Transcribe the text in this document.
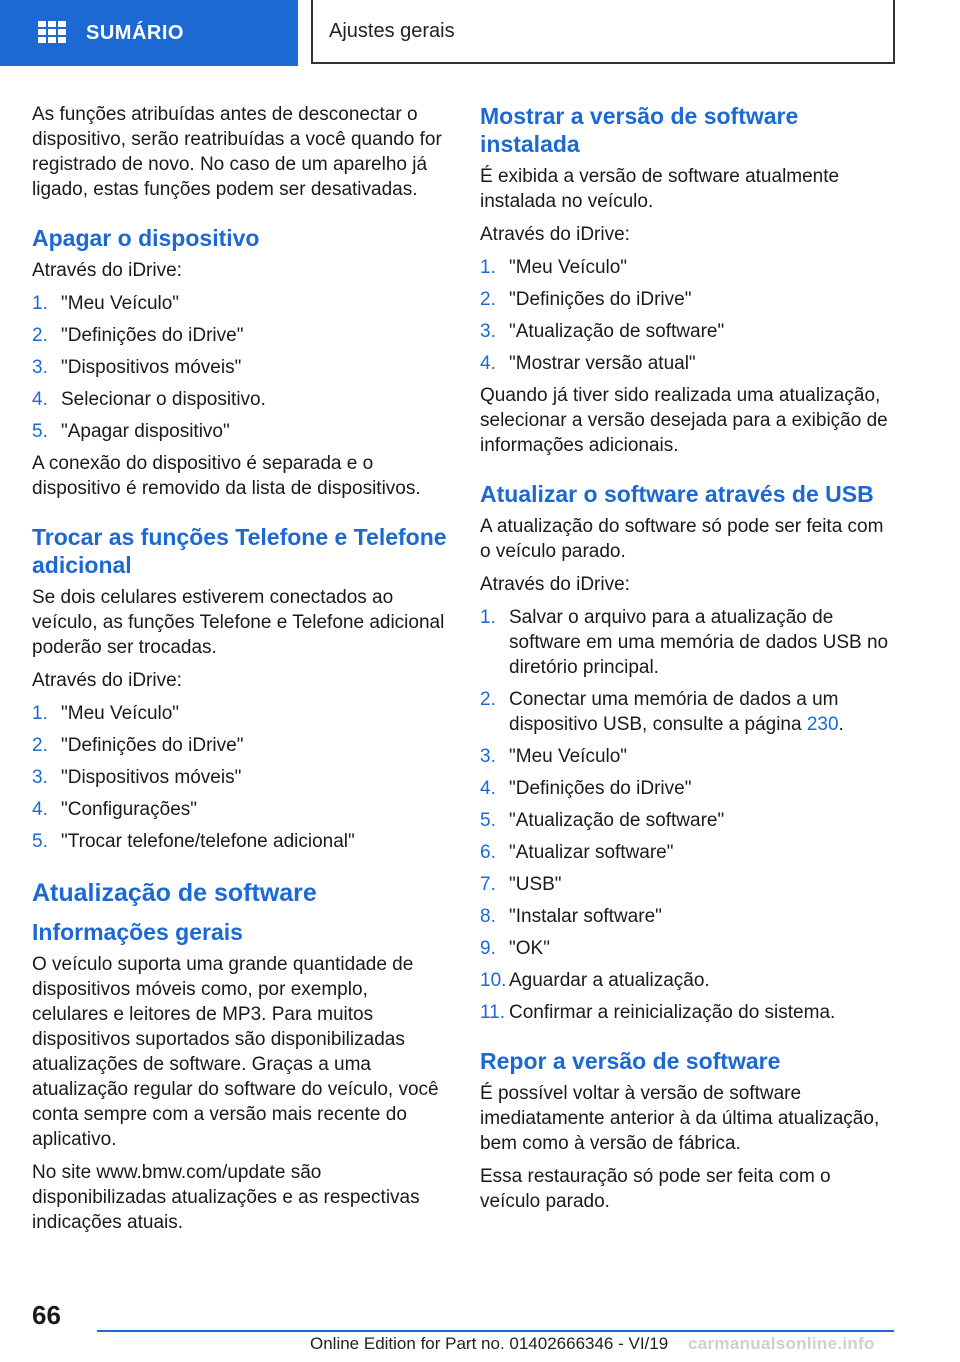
SUMÁRIO	Ajustes gerais

As funções atribuídas antes de desconectar o dispositivo, serão reatribuídas a você quando for registrado de novo. No caso de um aparelho já ligado, estas funções podem ser desativadas.

Apagar o dispositivo

Através do iDrive:

1. "Meu Veículo"
2. "Definições do iDrive"
3. "Dispositivos móveis"
4. Selecionar o dispositivo.
5. "Apagar dispositivo"

A conexão do dispositivo é separada e o dispositivo é removido da lista de dispositivos.

Trocar as funções Telefone e Telefone adicional

Se dois celulares estiverem conectados ao veículo, as funções Telefone e Telefone adicional poderão ser trocadas.

Através do iDrive:

1. "Meu Veículo"
2. "Definições do iDrive"
3. "Dispositivos móveis"
4. "Configurações"
5. "Trocar telefone/telefone adicional"
Atualização de software
Informações gerais

O veículo suporta uma grande quantidade de dispositivos móveis como, por exemplo, celulares e leitores de MP3. Para muitos dispositivos suportados são disponibilizadas atualizações de software. Graças a uma atualização regular do software do veículo, você conta sempre com a versão mais recente do aplicativo.

No site www.bmw.com/update são disponibilizadas atualizações e as respectivas indicações atuais.

Mostrar a versão de software instalada

É exibida a versão de software atualmente instalada no veículo.

Através do iDrive:

1. "Meu Veículo"
2. "Definições do iDrive"
3. "Atualização de software"
4. "Mostrar versão atual"

Quando já tiver sido realizada uma atualização, selecionar a versão desejada para a exibição de informações adicionais.

Atualizar o software através de USB

A atualização do software só pode ser feita com o veículo parado.

Através do iDrive:

1. Salvar o arquivo para a atualização de software em uma memória de dados USB no diretório principal.
2. Conectar uma memória de dados a um dispositivo USB, consulte a página 230.
3. "Meu Veículo"
4. "Definições do iDrive"
5. "Atualização de software"
6. "Atualizar software"
7. "USB"
8. "Instalar software"
9. "OK"
10. Aguardar a atualização.
11. Confirmar a reinicialização do sistema.
Repor a versão de software

É possível voltar à versão de software imediatamente anterior à da última atualização, bem como à versão de fábrica.

Essa restauração só pode ser feita com o veículo parado.

66
Online Edition for Part no. 01402666346 - VI/19 carmanualsonline.info
